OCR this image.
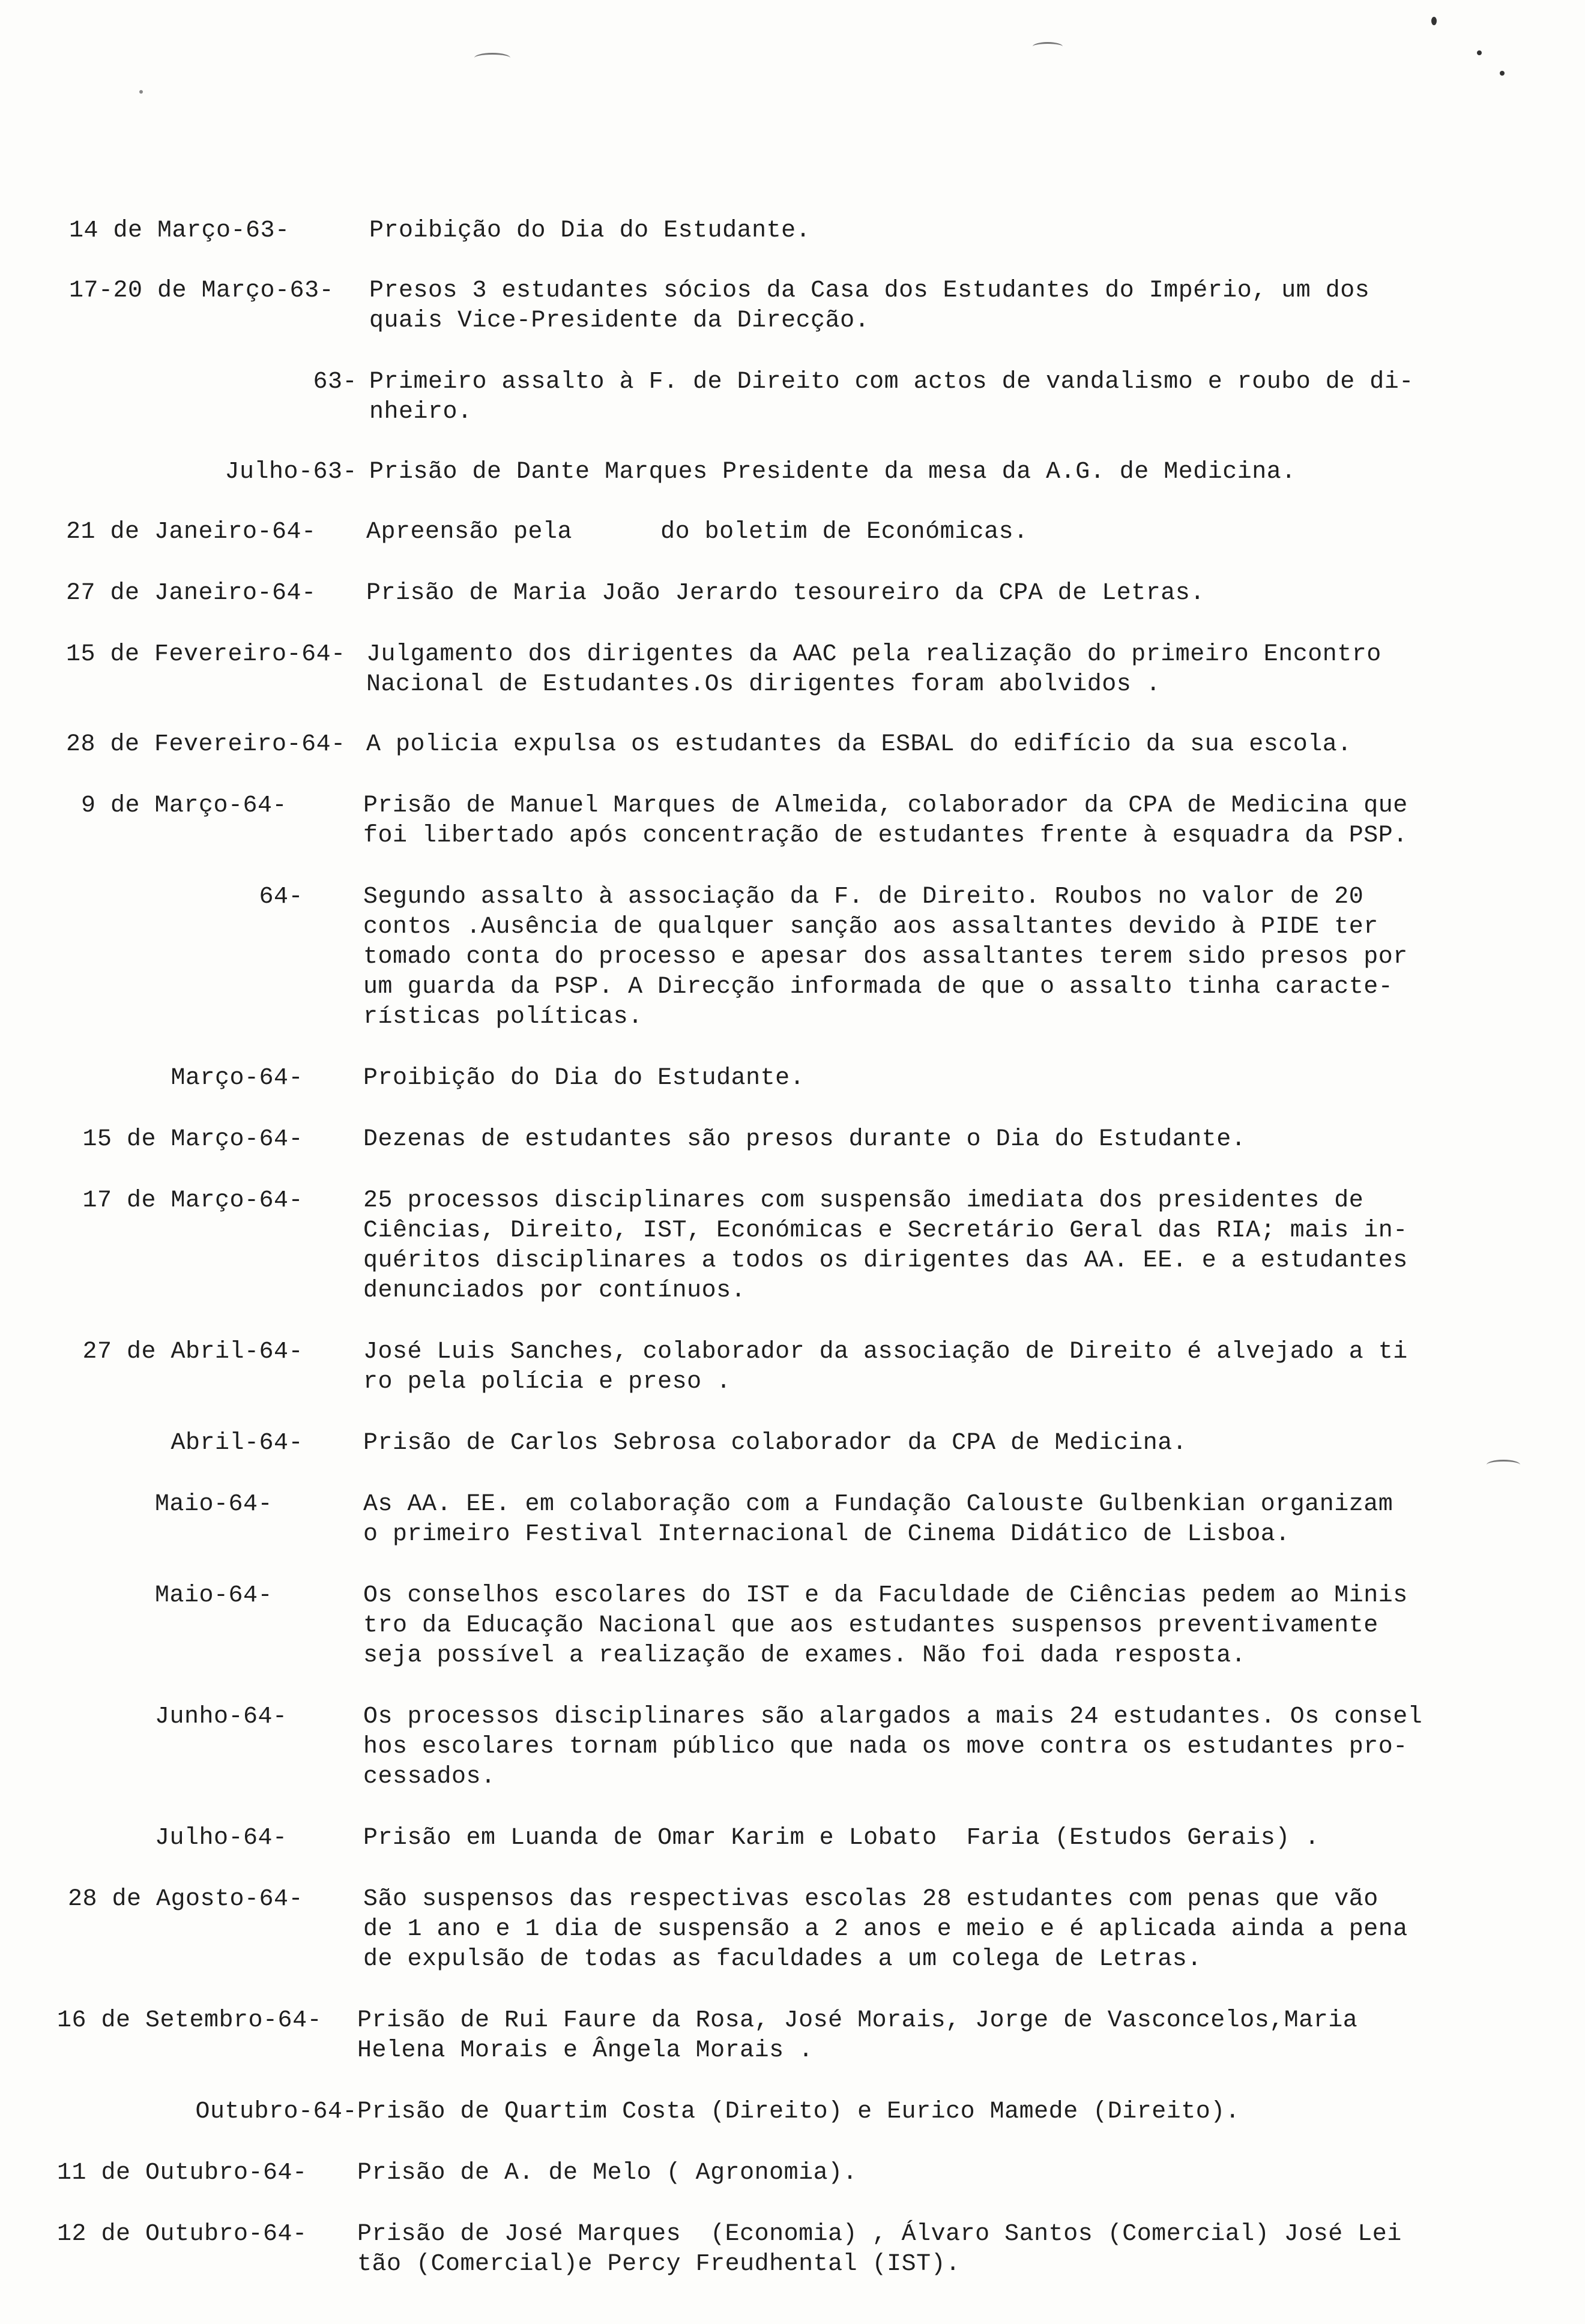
14 de Março-63-	Proibição do Dia do Estudante.
17-20 de Março-63-	Presos 3 estudantes sócios da Casa dos Estudantes do Império, um dos
quais Vice-Presidente da Direcção.
63- Primeiro assalto à F. de Direito com actos de vandalismo e roubo de di-
nheiro.
Julho-63- Prisão de Dante Marques Presidente da mesa da A.G. de Medicina.
21 de Janeiro-64-	Apreensão pela      do boletim de Económicas.
27 de Janeiro-64-	Prisão de Maria João Jerardo tesoureiro da CPA de Letras.
15 de Fevereiro-64- Julgamento dos dirigentes da AAC pela realização do primeiro Encontro
Nacional de Estudantes.Os dirigentes foram abolvidos .
28 de Fevereiro-64- A policia expulsa os estudantes da ESBAL do edifício da sua escola.
9 de Março-64-	Prisão de Manuel Marques de Almeida, colaborador da CPA de Medicina que
foi libertado após concentração de estudantes frente à esquadra da PSP.
64-	Segundo assalto à associação da F. de Direito. Roubos no valor de 20
contos .Ausência de qualquer sanção aos assaltantes devido à PIDE ter
tomado conta do processo e apesar dos assaltantes terem sido presos por
um guarda da PSP. A Direcção informada de que o assalto tinha caracte-
rísticas políticas.
Março-64-	Proibição do Dia do Estudante.
15 de Março-64-	Dezenas de estudantes são presos durante o Dia do Estudante.
17 de Março-64-	25 processos disciplinares com suspensão imediata dos presidentes de
Ciências, Direito, IST, Económicas e Secretário Geral das RIA; mais in-
quéritos disciplinares a todos os dirigentes das AA. EE. e a estudantes
denunciados por contínuos.
27 de Abril-64-	José Luis Sanches, colaborador da associação de Direito é alvejado a ti
ro pela polícia e preso .
Abril-64-	Prisão de Carlos Sebrosa colaborador da CPA de Medicina.
Maio-64-	As AA. EE. em colaboração com a Fundação Calouste Gulbenkian organizam
o primeiro Festival Internacional de Cinema Didático de Lisboa.
Maio-64-	Os conselhos escolares do IST e da Faculdade de Ciências pedem ao Minis
tro da Educação Nacional que aos estudantes suspensos preventivamente
seja possível a realização de exames. Não foi dada resposta.
Junho-64-	Os processos disciplinares são alargados a mais 24 estudantes. Os consel
hos escolares tornam público que nada os move contra os estudantes pro-
cessados.
Julho-64-	Prisão em Luanda de Omar Karim e Lobato  Faria (Estudos Gerais) .
28 de Agosto-64-	São suspensos das respectivas escolas 28 estudantes com penas que vão
de 1 ano e 1 dia de suspensão a 2 anos e meio e é aplicada ainda a pena
de expulsão de todas as faculdades a um colega de Letras.
16 de Setembro-64-	Prisão de Rui Faure da Rosa, José Morais, Jorge de Vasconcelos,Maria
Helena Morais e Ângela Morais .
Outubro-64- Prisão de Quartim Costa (Direito) e Eurico Mamede (Direito).
11 de Outubro-64-	Prisão de A. de Melo ( Agronomia).
12 de Outubro-64-	Prisão de José Marques  (Economia) , Álvaro Santos (Comercial) José Lei
tão (Comercial)e Percy Freudhental (IST).
